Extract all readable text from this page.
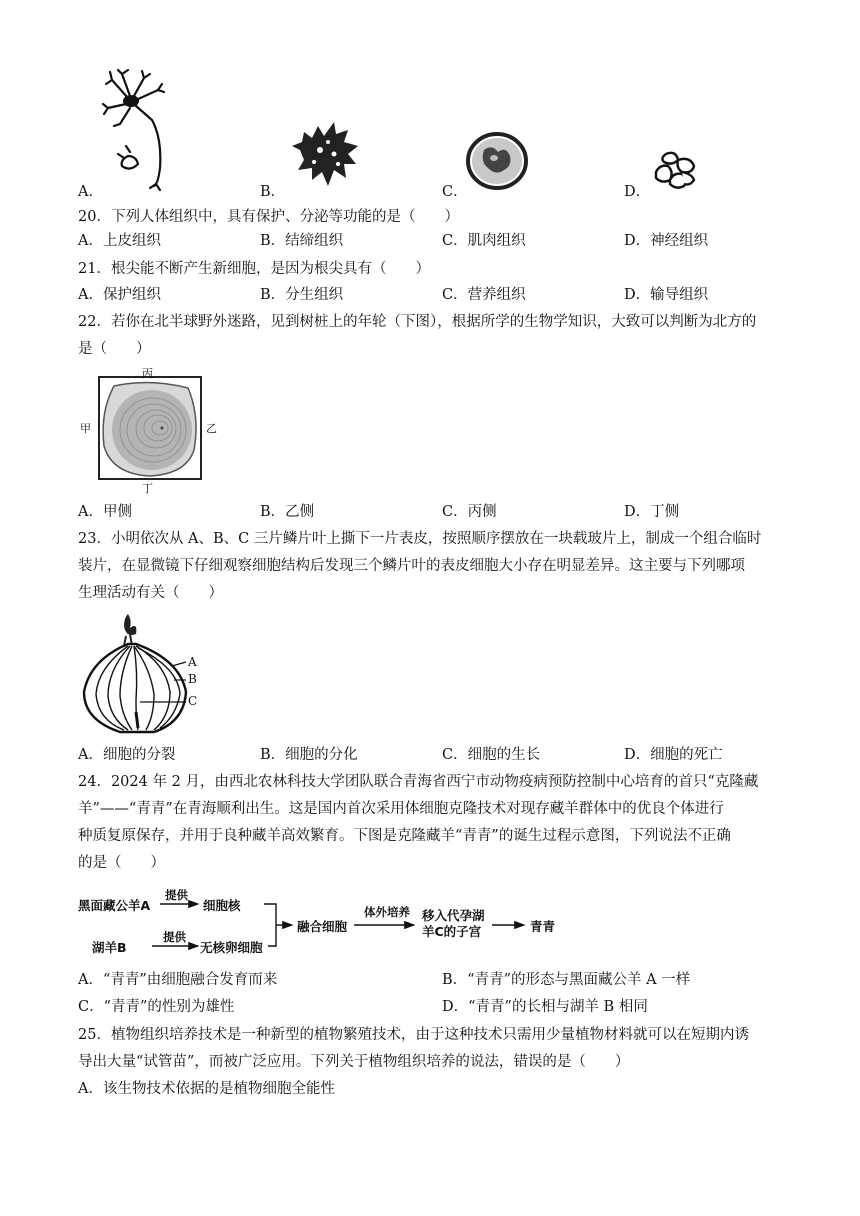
A．	B．	C．	D．
20．下列人体组织中，具有保护、分泌等功能的是（　　）
A．上皮组织	B．结缔组织	C．肌肉组织	D．神经组织
21．根尖能不断产生新细胞，是因为根尖具有（　　）
A．保护组织	B．分生组织	C．营养组织	D．输导组织
22．若你在北半球野外迷路，见到树桩上的年轮（下图），根据所学的生物学知识，大致可以判断为北方的
是（　　）
丙
甲	乙
丁
A．甲侧	B．乙侧	C．丙侧	D．丁侧
23．小明依次从 A、B、C 三片鳞片叶上撕下一片表皮，按照顺序摆放在一块载玻片上，制成一个组合临时
装片，在显微镜下仔细观察细胞结构后发现三个鳞片叶的表皮细胞大小存在明显差异。这主要与下列哪项
生理活动有关（　　）
A
B
C
A．细胞的分裂	B．细胞的分化	C．细胞的生长	D．细胞的死亡
24．2024 年 2 月，由西北农林科技大学团队联合青海省西宁市动物疫病预防控制中心培育的首只“克隆藏
羊”——“青青”在青海顺利出生。这是国内首次采用体细胞克隆技术对现存藏羊群体中的优良个体进行
种质复原保存，并用于良种藏羊高效繁育。下图是克隆藏羊“青青”的诞生过程示意图，下列说法不正确
的是（　　）
黑面藏公羊A
提供
细胞核
湖羊B
提供
无核卵细胞
融合细胞
体外培养 移入代孕湖
羊C的子宫	青青
A．“青青”由细胞融合发育而来	B．“青青”的形态与黑面藏公羊 A 一样
C．“青青”的性别为雄性	D．“青青”的长相与湖羊 B 相同
25．植物组织培养技术是一种新型的植物繁殖技术，由于这种技术只需用少量植物材料就可以在短期内诱
导出大量“试管苗”，而被广泛应用。下列关于植物组织培养的说法，错误的是（　　）
A．该生物技术依据的是植物细胞全能性
